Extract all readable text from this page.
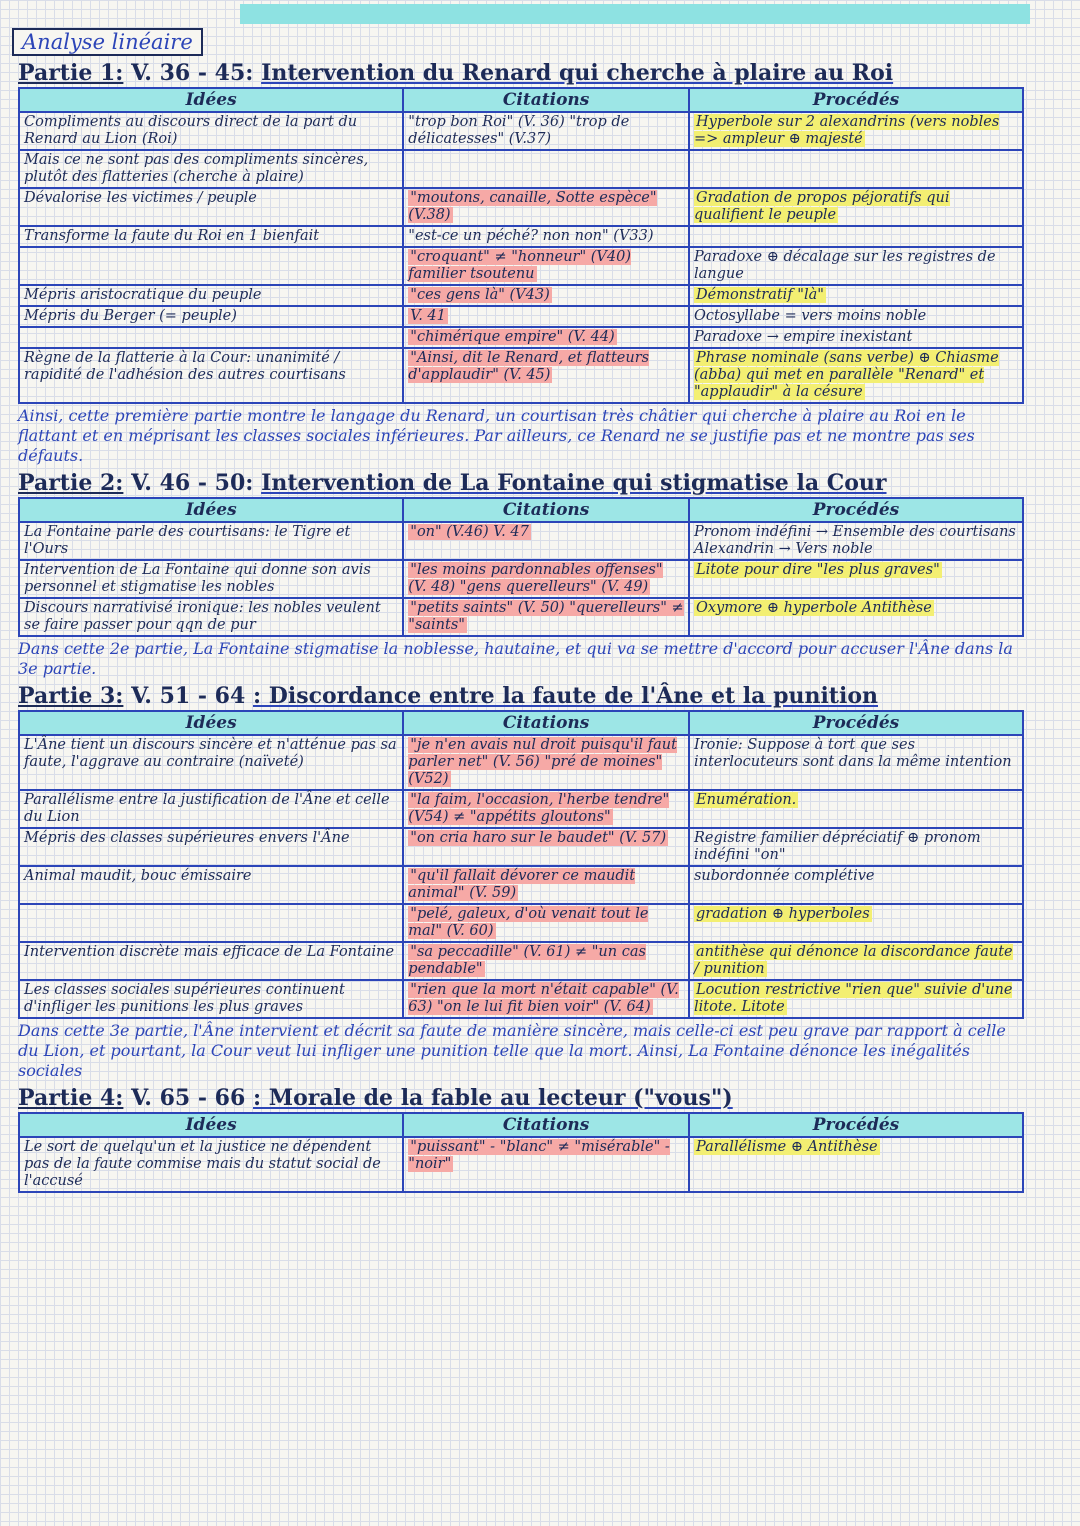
Analyse linéaire
Partie 1: V. 36 - 45: Intervention du Renard qui cherche à plaire au Roi
Idées	Citations	Procédés
Compliments au discours direct de la part du Renard au Lion (Roi)	"trop bon Roi" (V. 36) "trop de délicatesses" (V.37)	Hyperbole sur 2 alexandrins (vers nobles => ampleur ⊕ majesté
Mais ce ne sont pas des compliments sincères, plutôt des flatteries (cherche à plaire)		
Dévalorise les victimes / peuple	"moutons, canaille, Sotte espèce" (V.38)	Gradation de propos péjoratifs qui qualifient le peuple
Transforme la faute du Roi en 1 bienfait	"est-ce un péché? non non" (V33)	
	"croquant" ≠ "honneur" (V40) familier tsoutenu	Paradoxe ⊕ décalage sur les registres de langue
Mépris aristocratique du peuple	"ces gens là" (V43)	Démonstratif "là"
Mépris du Berger (= peuple)	V. 41	Octosyllabe = vers moins noble
	"chimérique empire" (V. 44)	Paradoxe → empire inexistant
Règne de la flatterie à la Cour: unanimité / rapidité de l'adhésion des autres courtisans	"Ainsi, dit le Renard, et flatteurs d'applaudir" (V. 45)	Phrase nominale (sans verbe) ⊕ Chiasme (abba) qui met en parallèle "Renard" et "applaudir" à la césure
Ainsi, cette première partie montre le langage du Renard, un courtisan très châtier qui cherche à plaire au Roi en le flattant et en méprisant les classes sociales inférieures. Par ailleurs, ce Renard ne se justifie pas et ne montre pas ses défauts.
Partie 2: V. 46 - 50: Intervention de La Fontaine qui stigmatise la Cour
Idées	Citations	Procédés
La Fontaine parle des courtisans: le Tigre et l'Ours	"on" (V.46) V. 47	Pronom indéfini → Ensemble des courtisans Alexandrin → Vers noble
Intervention de La Fontaine qui donne son avis personnel et stigmatise les nobles	"les moins pardonnables offenses" (V. 48) "gens querelleurs" (V. 49)	Litote pour dire "les plus graves"
Discours narrativisé ironique: les nobles veulent se faire passer pour qqn de pur	"petits saints" (V. 50) "querelleurs" ≠ "saints"	Oxymore ⊕ hyperbole Antithèse
Dans cette 2e partie, La Fontaine stigmatise la noblesse, hautaine, et qui va se mettre d'accord pour accuser l'Âne dans la 3e partie.
Partie 3: V. 51 - 64 : Discordance entre la faute de l'Âne et la punition
Idées	Citations	Procédés
L'Âne tient un discours sincère et n'atténue pas sa faute, l'aggrave au contraire (naïveté)	"je n'en avais nul droit puisqu'il faut parler net" (V. 56) "pré de moines" (V52)	Ironie: Suppose à tort que ses interlocuteurs sont dans la même intention
Parallélisme entre la justification de l'Âne et celle du Lion	"la faim, l'occasion, l'herbe tendre" (V54) ≠ "appétits gloutons"	Enumération.
Mépris des classes supérieures envers l'Âne	"on cria haro sur le baudet" (V. 57)	Registre familier dépréciatif ⊕ pronom indéfini "on"
Animal maudit, bouc émissaire	"qu'il fallait dévorer ce maudit animal" (V. 59)	subordonnée complétive
	"pelé, galeux, d'où venait tout le mal" (V. 60)	gradation ⊕ hyperboles
Intervention discrète mais efficace de La Fontaine	"sa peccadille" (V. 61) ≠ "un cas pendable"	antithèse qui dénonce la discordance faute / punition
Les classes sociales supérieures continuent d'infliger les punitions les plus graves	"rien que la mort n'était capable" (V. 63) "on le lui fit bien voir" (V. 64)	Locution restrictive "rien que" suivie d'une litote. Litote
Dans cette 3e partie, l'Âne intervient et décrit sa faute de manière sincère, mais celle-ci est peu grave par rapport à celle du Lion, et pourtant, la Cour veut lui infliger une punition telle que la mort. Ainsi, La Fontaine dénonce les inégalités sociales
Partie 4: V. 65 - 66 : Morale de la fable au lecteur ("vous")
Idées	Citations	Procédés
Le sort de quelqu'un et la justice ne dépendent pas de la faute commise mais du statut social de l'accusé	"puissant" - "blanc" ≠ "misérable" - "noir"	Parallélisme ⊕ Antithèse
